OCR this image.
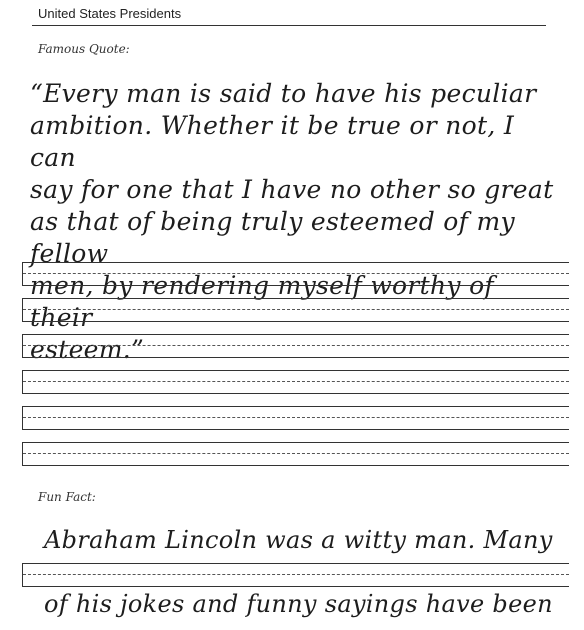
United States Presidents
Famous Quote:

“Every man is said to have his peculiar
ambition. Whether it be true or not, I can
say for one that I have no other so great
as that of being truly esteemed of my fellow
men, by rendering myself worthy of their
esteem.”

Fun Fact:
Abraham Lincoln was a witty man. Many
of his jokes and funny sayings have been
